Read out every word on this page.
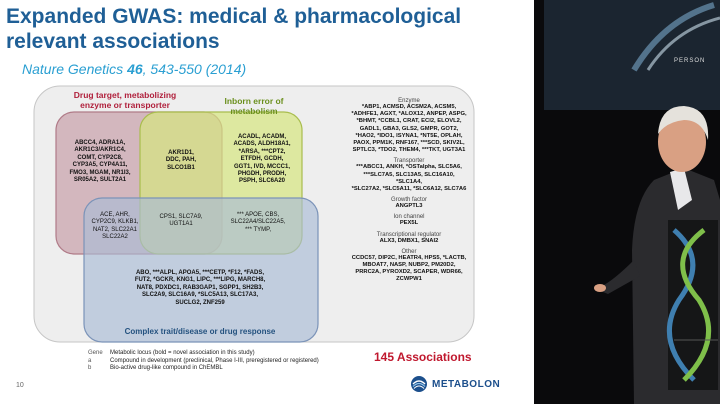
Expanded GWAS: medical & pharmacological relevant associations
Nature Genetics 46, 543-550 (2014)
Drug target, metabolizing enzyme or transporter	Inborn error of metabolism
Complex trait/disease or drug response
ABCC4, ADRA1A,
AKR1C3/AKR1C4,
COMT, CYP2C8,
CYP3A5, CYP4A11,
FMO3, MGAM, NR1I3,
SR05A2, SULT2A1
AKR1D1,
DDC, PAH,
SLCO1B1
ACADL, ACADM,
ACADS, ALDH18A1,
*ARSA, ***CPT2,
ETFDH, GCDH,
GGT1, IVD, MCCC1,
PHGDH, PRODH,
PSPH, SLC6A20
ACE, AHR,
CYP2C9, KLKB1,
NAT2, SLC22A1
SLC22A2
CPS1, SLC7A9,
UGT1A1
*** APOE, CBS,
SLC22A4/SLC22A5,
*** TYMP,
ABO, ***ALPL, APOA5, ***CETP, *F12, *FADS,
FUT2, *GCKR, KNG1, LIPC, ***LIPG, MARCH8,
NAT8, PDXDC1, RAB3GAP1, SGPP1, SH2B3,
SLC2A9, SLC16A9, *SLC5A13, SLC17A3,
SUCLG2, ZNF259
Enzyme
*ABP1, ACMSD, ACSM2A, ACSM5,
*ADHFE1, AGXT, *ALOX12, ANPEP, ASPG,
*BHMT, *CCBL1, CRAT, ECI2, ELOVL2,
GADL1, GBA3, GLS2, GMPR, GOT2,
*HAO2, *IDO1, ISYNA1, *NT5E, OPLAH,
PAOX, PPM1K, RNF167, ***SCD, SKIV2L,
SPTLC3, *TDO2, THEM4, ***TKT, UGT3A1
Transporter
***ABCC1, ANKH, *OSTalpha, SLC5A6,
***SLC7A5, SLC13A5, SLC16A10, *SLC1A4,
*SLC27A2, *SLC5A11, *SLC6A12, SLC7A6
Growth factor
ANGPTL3
Ion channel
PEX5L
Transcriptional regulator
ALX3, DMBX1, SNAI2
Other
CCDC57, DIP2C, HEATR4, HPS5, *LACTB,
MBOAT7, NASP, NUBP2, PM20D2,
PRRC2A, PYROXD2, SCAPER, WDR66,
ZCWPW1
Gene	Metabolic locus (bold = novel association in this study)
a	Compound in development (preclinical, Phase I-III, preregistered or registered)
b	Bio-active drug-like compound in ChEMBL
145 Associations
10	METABOLON
PERSON
